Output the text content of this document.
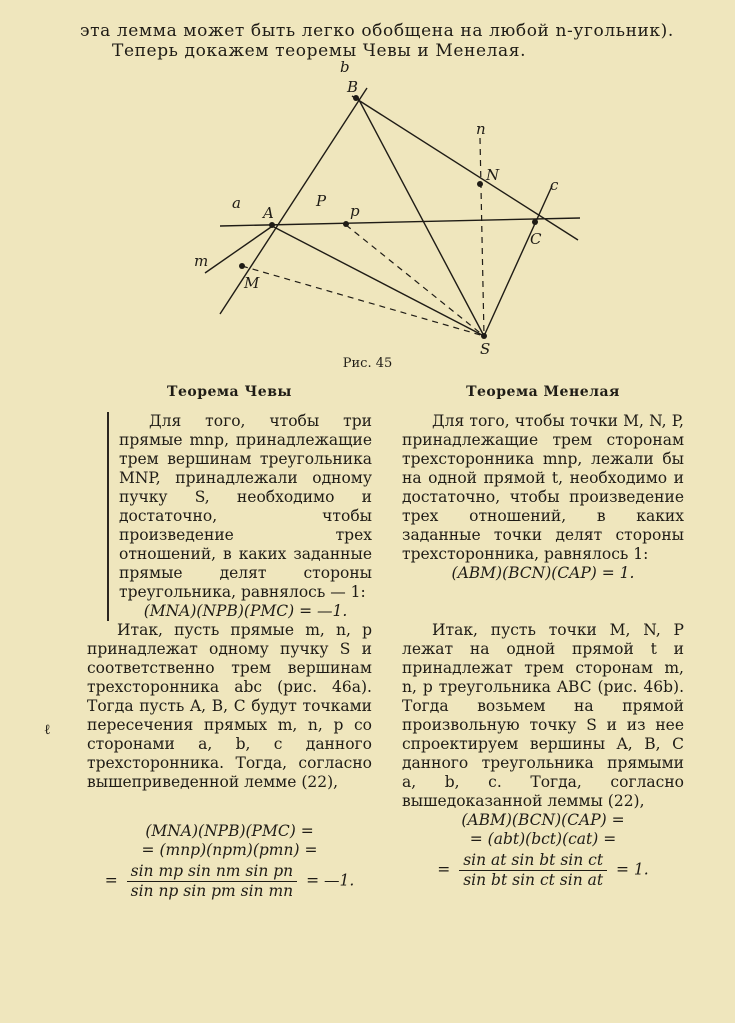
эта лемма может быть легко обобщена на любой n-угольник).

Теперь докажем теоремы Чевы и Менелая.

b
B
n
N
c
C
a
A
P
p
m
M
S
Рис. 45

Теорема Чевы

Для того, чтобы три прямые mnp, принадлежащие трем вершинам треугольника MNP, принадлежали одному пучку S, необходимо и достаточно, чтобы произведение трех отношений, в каких заданные прямые делят стороны треугольника, равнялось — 1:

(MNA)(NPB)(PMC) = —1.

Итак, пусть прямые m, n, p принадлежат одному пучку S и соответственно трем вершинам трехсторонника abc (рис. 46a). Тогда пусть A, B, C будут точками пересечения прямых m, n, p со сторонами a, b, c данного трехсторонника. Тогда, согласно вышеприведенной лемме (22),

(MNA)(NPB)(PMC) =

= (mnp)(npm)(pmn) =

= $\frac{\text{sin mp sin nm sin pn}}{\text{sin np sin pm sin mn}}$ = —1.

Теорема Менелая

Для того, чтобы точки M, N, P, принадлежащие трем сторонам трехсторонника mnp, лежали бы на одной прямой t, необходимо и достаточно, чтобы произведение трех отношений, в каких заданные точки делят стороны трехсторонника, равнялось 1:

(ABM)(BCN)(CAP) = 1.

Итак, пусть точки M, N, P лежат на одной прямой t и принадлежат трем сторонам m, n, p треугольника ABC (рис. 46b). Тогда возьмем на прямой произвольную точку S и из нее спроектируем вершины A, B, C данного треугольника прямыми a, b, c. Тогда, согласно вышедоказанной леммы (22),

(ABM)(BCN)(CAP) =

= (abt)(bct)(cat) =

= $\frac{\text{sin at sin bt sin ct}}{\text{sin bt sin ct sin at}} = 1$.
ℓ
